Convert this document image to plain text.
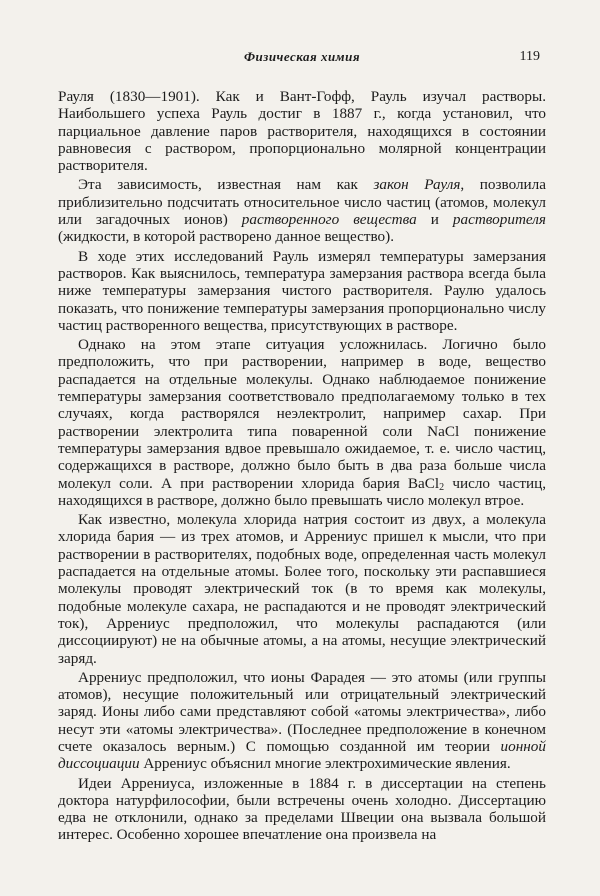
Физическая химия	119

Рауля (1830—1901). Как и Вант-Гофф, Рауль изучал растворы. Наибольшего успеха Рауль достиг в 1887 г., когда установил, что парциальное давление паров растворителя, находящихся в состоянии равновесия с раствором, пропорционально молярной концентрации растворителя.

Эта зависимость, известная нам как закон Рауля, позволила приблизительно подсчитать относительное число частиц (атомов, молекул или загадочных ионов) растворенного вещества и растворителя (жидкости, в которой растворено данное вещество).

В ходе этих исследований Рауль измерял температуры замерзания растворов. Как выяснилось, температура замерзания раствора всегда была ниже температуры замерзания чистого растворителя. Раулю удалось показать, что понижение температуры замерзания пропорционально числу частиц растворенного вещества, присутствующих в растворе.

Однако на этом этапе ситуация усложнилась. Логично было предположить, что при растворении, например в воде, вещество распадается на отдельные молекулы. Однако наблюдаемое понижение температуры замерзания соответствовало предполагаемому только в тех случаях, когда растворялся неэлектролит, например сахар. При растворении электролита типа поваренной соли NaCl понижение температуры замерзания вдвое превышало ожидаемое, т. е. число частиц, содержащихся в растворе, должно было быть в два раза больше числа молекул соли. А при растворении хлорида бария BaCl$_2$ число частиц, находящихся в растворе, должно было превышать число молекул втрое.

Как известно, молекула хлорида натрия состоит из двух, а молекула хлорида бария — из трех атомов, и Аррениус пришел к мысли, что при растворении в растворителях, подобных воде, определенная часть молекул распадается на отдельные атомы. Более того, поскольку эти распавшиеся молекулы проводят электрический ток (в то время как молекулы, подобные молекуле сахара, не распадаются и не проводят электрический ток), Аррениус предположил, что молекулы распадаются (или диссоциируют) не на обычные атомы, а на атомы, несущие электрический заряд.

Аррениус предположил, что ионы Фарадея — это атомы (или группы атомов), несущие положительный или отрицательный электрический заряд. Ионы либо сами представляют собой «атомы электричества», либо несут эти «атомы электричества». (Последнее предположение в конечном счете оказалось верным.) С помощью созданной им теории ионной диссоциации Аррениус объяснил многие электрохимические явления.

Идеи Аррениуса, изложенные в 1884 г. в диссертации на степень доктора натурфилософии, были встречены очень холодно. Диссертацию едва не отклонили, однако за пределами Швеции она вызвала большой интерес. Особенно хорошее впечатление она произвела на
